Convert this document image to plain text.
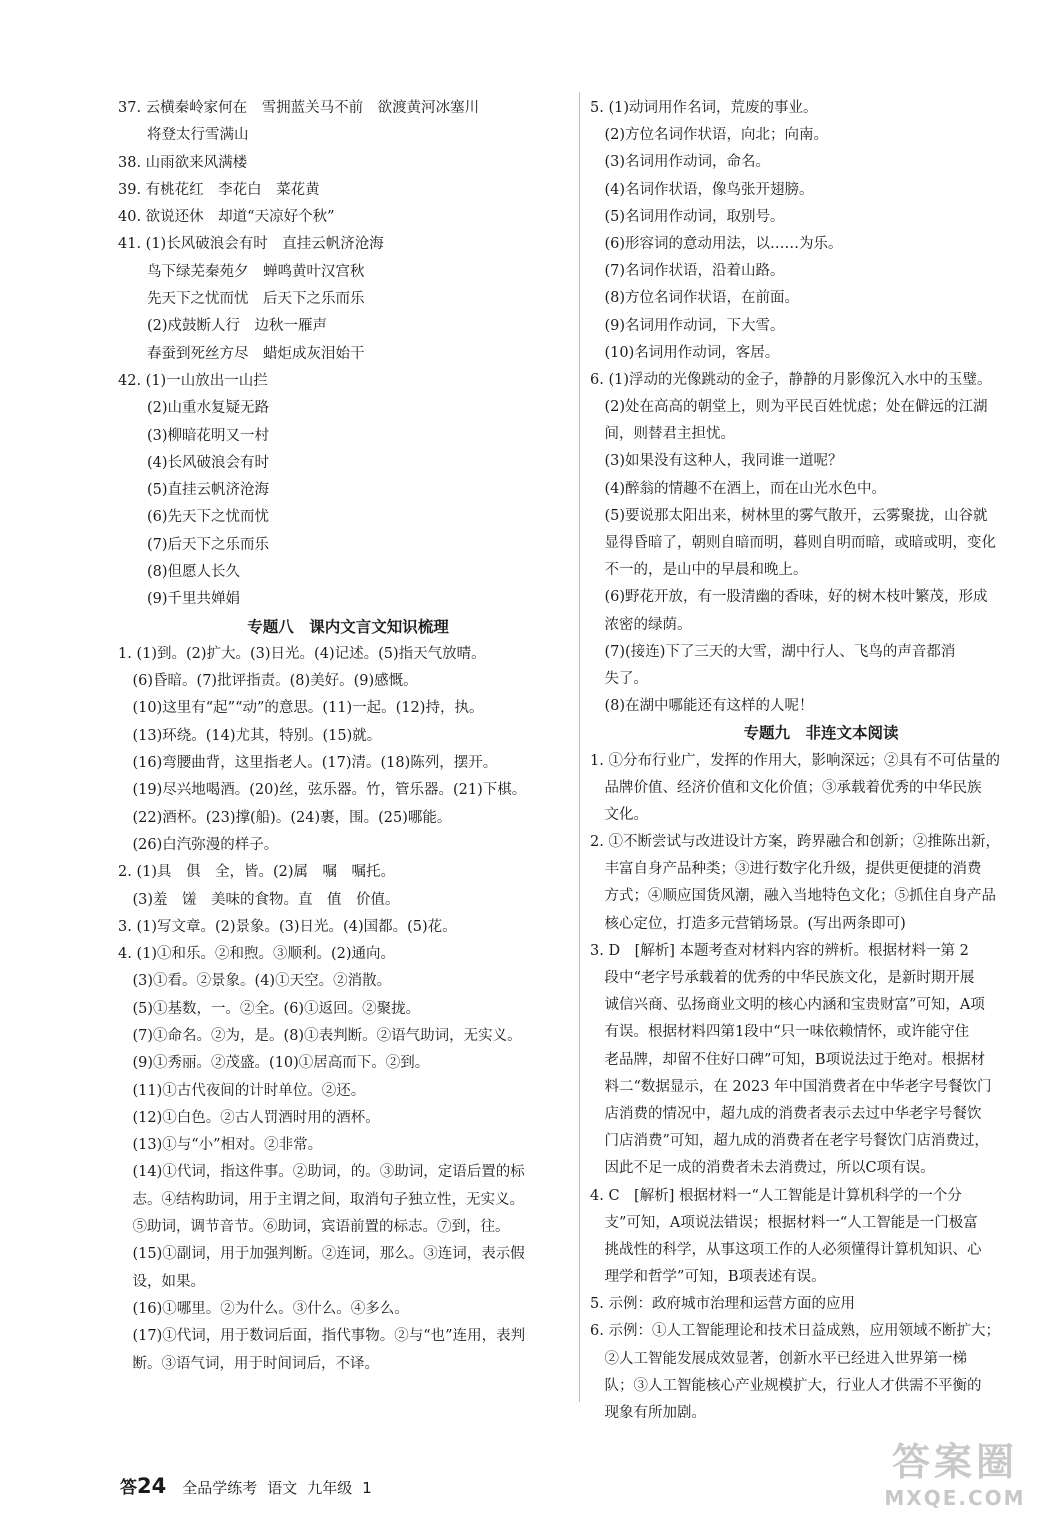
37. 云横秦岭家何在　雪拥蓝关马不前　欲渡黄河冰塞川
　　将登太行雪满山
38. 山雨欲来风满楼
39. 有桃花红　李花白　菜花黄
40. 欲说还休　却道“天凉好个秋”
41. (1)长风破浪会有时　直挂云帆济沧海
　　鸟下绿芜秦苑夕　蝉鸣黄叶汉宫秋
　　先天下之忧而忧　后天下之乐而乐
　　(2)戍鼓断人行　边秋一雁声
　　春蚕到死丝方尽　蜡炬成灰泪始干
42. (1)一山放出一山拦
　　(2)山重水复疑无路
　　(3)柳暗花明又一村
　　(4)长风破浪会有时
　　(5)直挂云帆济沧海
　　(6)先天下之忧而忧
　　(7)后天下之乐而乐
　　(8)但愿人长久
　　(9)千里共婵娟
专题八　课内文言文知识梳理
1. (1)到。(2)扩大。(3)日光。(4)记述。(5)指天气放晴。
　(6)昏暗。(7)批评指责。(8)美好。(9)感慨。
　(10)这里有“起”“动”的意思。(11)一起。(12)持，执。
　(13)环绕。(14)尤其，特别。(15)就。
　(16)弯腰曲背，这里指老人。(17)清。(18)陈列，摆开。
　(19)尽兴地喝酒。(20)丝，弦乐器。竹，管乐器。(21)下棋。
　(22)酒杯。(23)撑(船)。(24)裹，围。(25)哪能。
　(26)白汽弥漫的样子。
2. (1)具　俱　全，皆。(2)属　嘱　嘱托。
　(3)羞　馐　美味的食物。直　值　价值。
3. (1)写文章。(2)景象。(3)日光。(4)国都。(5)花。
4. (1)①和乐。②和煦。③顺利。(2)通向。
　(3)①看。②景象。(4)①天空。②消散。
　(5)①基数，一。②全。(6)①返回。②聚拢。
　(7)①命名。②为，是。(8)①表判断。②语气助词，无实义。
　(9)①秀丽。②茂盛。(10)①居高而下。②到。
　(11)①古代夜间的计时单位。②还。
　(12)①白色。②古人罚酒时用的酒杯。
　(13)①与“小”相对。②非常。
　(14)①代词，指这件事。②助词，的。③助词，定语后置的标
　志。④结构助词，用于主谓之间，取消句子独立性，无实义。
　⑤助词，调节音节。⑥助词，宾语前置的标志。⑦到，往。
　(15)①副词，用于加强判断。②连词，那么。③连词，表示假
　设，如果。
　(16)①哪里。②为什么。③什么。④多么。
　(17)①代词，用于数词后面，指代事物。②与“也”连用，表判
　断。③语气词，用于时间词后，不译。
5. (1)动词用作名词，荒废的事业。
　(2)方位名词作状语，向北；向南。
　(3)名词用作动词，命名。
　(4)名词作状语，像鸟张开翅膀。
　(5)名词用作动词，取别号。
　(6)形容词的意动用法，以……为乐。
　(7)名词作状语，沿着山路。
　(8)方位名词作状语，在前面。
　(9)名词用作动词，下大雪。
　(10)名词用作动词，客居。
6. (1)浮动的光像跳动的金子，静静的月影像沉入水中的玉璧。
　(2)处在高高的朝堂上，则为平民百姓忧虑；处在僻远的江湖
　间，则替君主担忧。
　(3)如果没有这种人，我同谁一道呢？
　(4)醉翁的情趣不在酒上，而在山光水色中。
　(5)要说那太阳出来，树林里的雾气散开，云雾聚拢，山谷就
　显得昏暗了，朝则自暗而明，暮则自明而暗，或暗或明，变化
　不一的，是山中的早晨和晚上。
　(6)野花开放，有一股清幽的香味，好的树木枝叶繁茂，形成
　浓密的绿荫。
　(7)(接连)下了三天的大雪，湖中行人、飞鸟的声音都消
　失了。
　(8)在湖中哪能还有这样的人呢！
专题九　非连文本阅读
1. ①分布行业广，发挥的作用大，影响深远；②具有不可估量的
　品牌价值、经济价值和文化价值；③承载着优秀的中华民族
　文化。
2. ①不断尝试与改进设计方案，跨界融合和创新；②推陈出新，
　丰富自身产品种类；③进行数字化升级，提供更便捷的消费
　方式；④顺应国货风潮，融入当地特色文化；⑤抓住自身产品
　核心定位，打造多元营销场景。(写出两条即可)
3. D　[解析] 本题考查对材料内容的辨析。根据材料一第 2
　段中“老字号承载着的优秀的中华民族文化，是新时期开展
　诚信兴商、弘扬商业文明的核心内涵和宝贵财富”可知，A项
　有误。根据材料四第1段中“只一味依赖情怀，或许能守住
　老品牌，却留不住好口碑”可知，B项说法过于绝对。根据材
　料二“数据显示，在 2023 年中国消费者在中华老字号餐饮门
　店消费的情况中，超九成的消费者表示去过中华老字号餐饮
　门店消费”可知，超九成的消费者在老字号餐饮门店消费过，
　因此不足一成的消费者未去消费过，所以C项有误。
4. C　[解析] 根据材料一“人工智能是计算机科学的一个分
　支”可知，A项说法错误；根据材料一“人工智能是一门极富
　挑战性的科学，从事这项工作的人必须懂得计算机知识、心
　理学和哲学”可知，B项表述有误。
5. 示例：政府城市治理和运营方面的应用
6. 示例：①人工智能理论和技术日益成熟，应用领域不断扩大；
　②人工智能发展成效显著，创新水平已经进入世界第一梯
　队；③人工智能核心产业规模扩大，行业人才供需不平衡的
　现象有所加剧。
答24 全品学练考 语文 九年级 1
答案圈
MXQE.COM
